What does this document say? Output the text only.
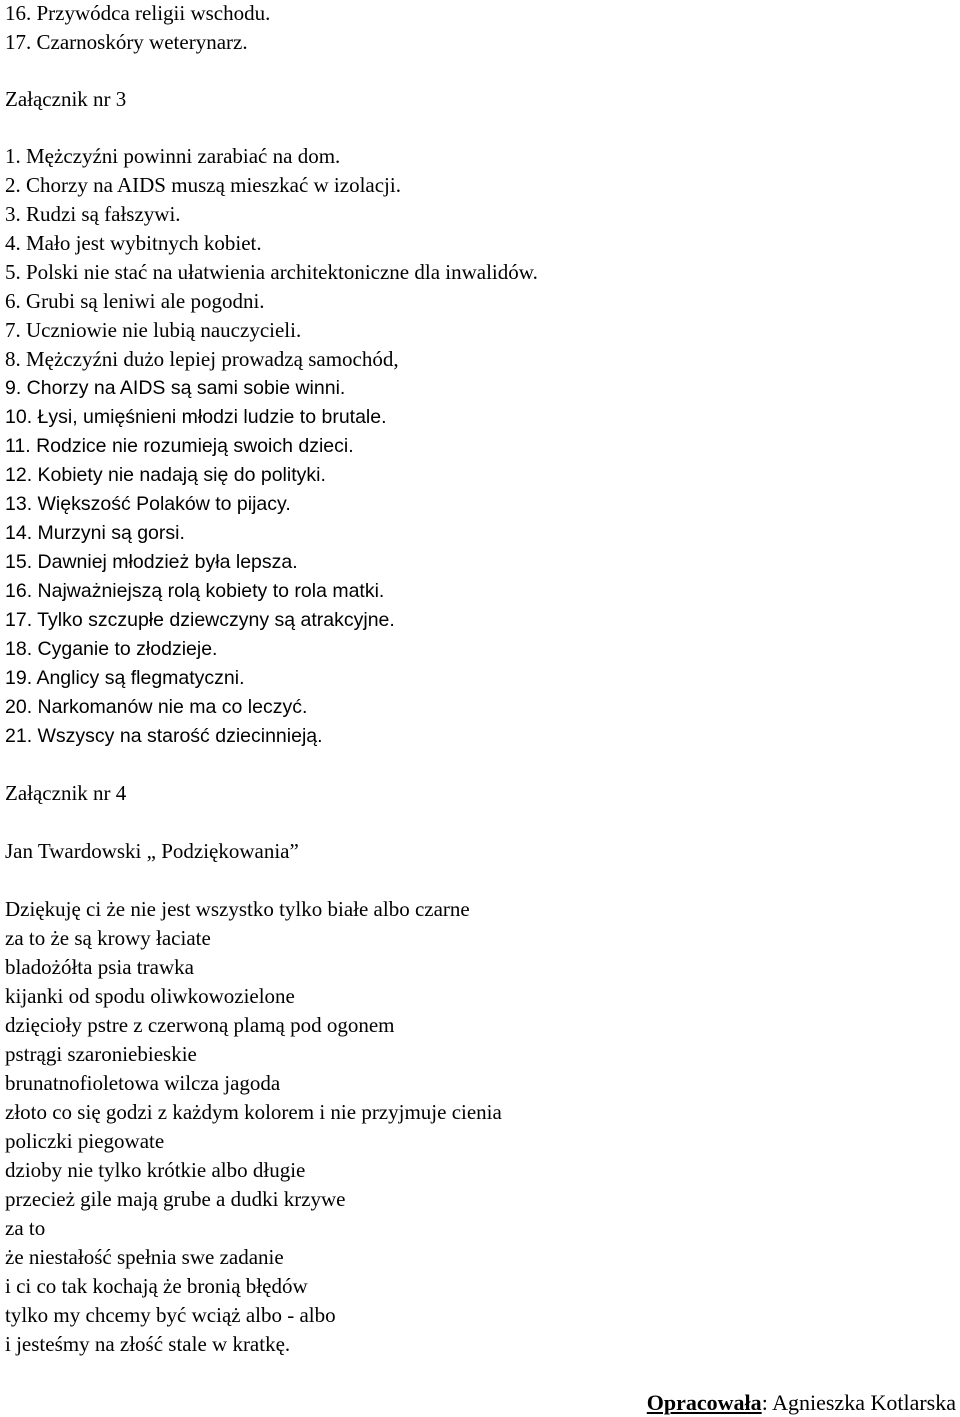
16. Przywódca religii wschodu.
17. Czarnoskóry weterynarz.
Załącznik nr 3
1. Mężczyźni powinni zarabiać na dom.
2. Chorzy na AIDS muszą mieszkać w izolacji.
3. Rudzi są fałszywi.
4. Mało jest wybitnych kobiet.
5. Polski nie stać na ułatwienia architektoniczne dla inwalidów.
6. Grubi są leniwi ale pogodni.
7. Uczniowie nie lubią nauczycieli.
8. Mężczyźni dużo lepiej prowadzą samochód,
9. Chorzy na AIDS są sami sobie winni.
10. Łysi, umięśnieni młodzi ludzie to brutale.
11. Rodzice nie rozumieją swoich dzieci.
12. Kobiety nie nadają się do polityki.
13. Większość Polaków to pijacy.
14. Murzyni są gorsi.
15. Dawniej młodzież była lepsza.
16. Najważniejszą rolą kobiety to rola matki.
17. Tylko szczupłe dziewczyny są atrakcyjne.
18. Cyganie to złodzieje.
19. Anglicy są flegmatyczni.
20. Narkomanów nie ma co leczyć.
21. Wszyscy na starość dziecinnieją.
Załącznik nr 4
Jan Twardowski „ Podziękowania”
Dziękuję ci że nie jest wszystko tylko białe albo czarne
za to że są krowy łaciate
bladożółta psia trawka
kijanki od spodu oliwkowozielone
dzięcioły pstre z czerwoną plamą pod ogonem
pstrągi szaroniebieskie
brunatnofioletowa wilcza jagoda
złoto co się godzi z każdym kolorem i nie przyjmuje cienia
policzki piegowate
dzioby nie tylko krótkie albo długie
przecież gile mają grube a dudki krzywe
za to
że niestałość spełnia swe zadanie
i ci co tak kochają że bronią błędów
tylko my chcemy być wciąż albo - albo
i jesteśmy na złość stale w kratkę.
Opracowała: Agnieszka Kotlarska
